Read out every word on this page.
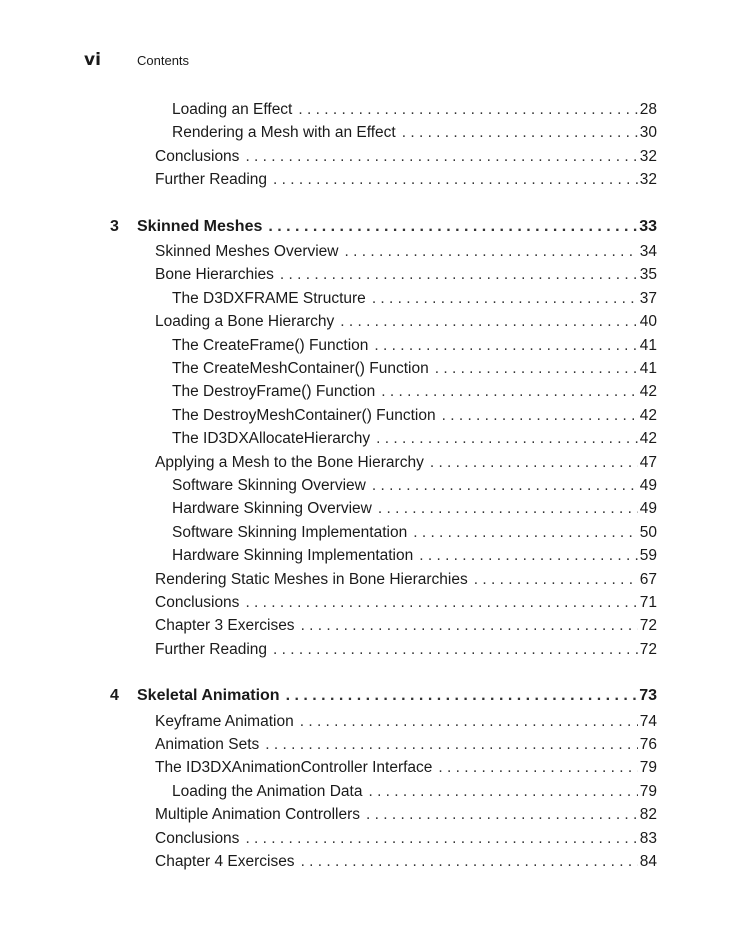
vi	Contents
Loading an Effect . . .	28
Rendering a Mesh with an Effect . . .	30
Conclusions . . .	32
Further Reading . . .	32
3	Skinned Meshes . . .	33
Skinned Meshes Overview . . .	34
Bone Hierarchies . . .	35
The D3DXFRAME Structure . . .	37
Loading a Bone Hierarchy . . .	40
The CreateFrame() Function . . .	41
The CreateMeshContainer() Function . . .	41
The DestroyFrame() Function . . .	42
The DestroyMeshContainer() Function . . .	42
The ID3DXAllocateHierarchy . . .	42
Applying a Mesh to the Bone Hierarchy . . .	47
Software Skinning Overview . . .	49
Hardware Skinning Overview . . .	49
Software Skinning Implementation . . .	50
Hardware Skinning Implementation . . .	59
Rendering Static Meshes in Bone Hierarchies . . .	67
Conclusions . . .	71
Chapter 3 Exercises . . .	72
Further Reading . . .	72
4	Skeletal Animation . . .	73
Keyframe Animation . . .	74
Animation Sets . . .	76
The ID3DXAnimationController Interface . . .	79
Loading the Animation Data . . .	79
Multiple Animation Controllers . . .	82
Conclusions . . .	83
Chapter 4 Exercises . . .	84
